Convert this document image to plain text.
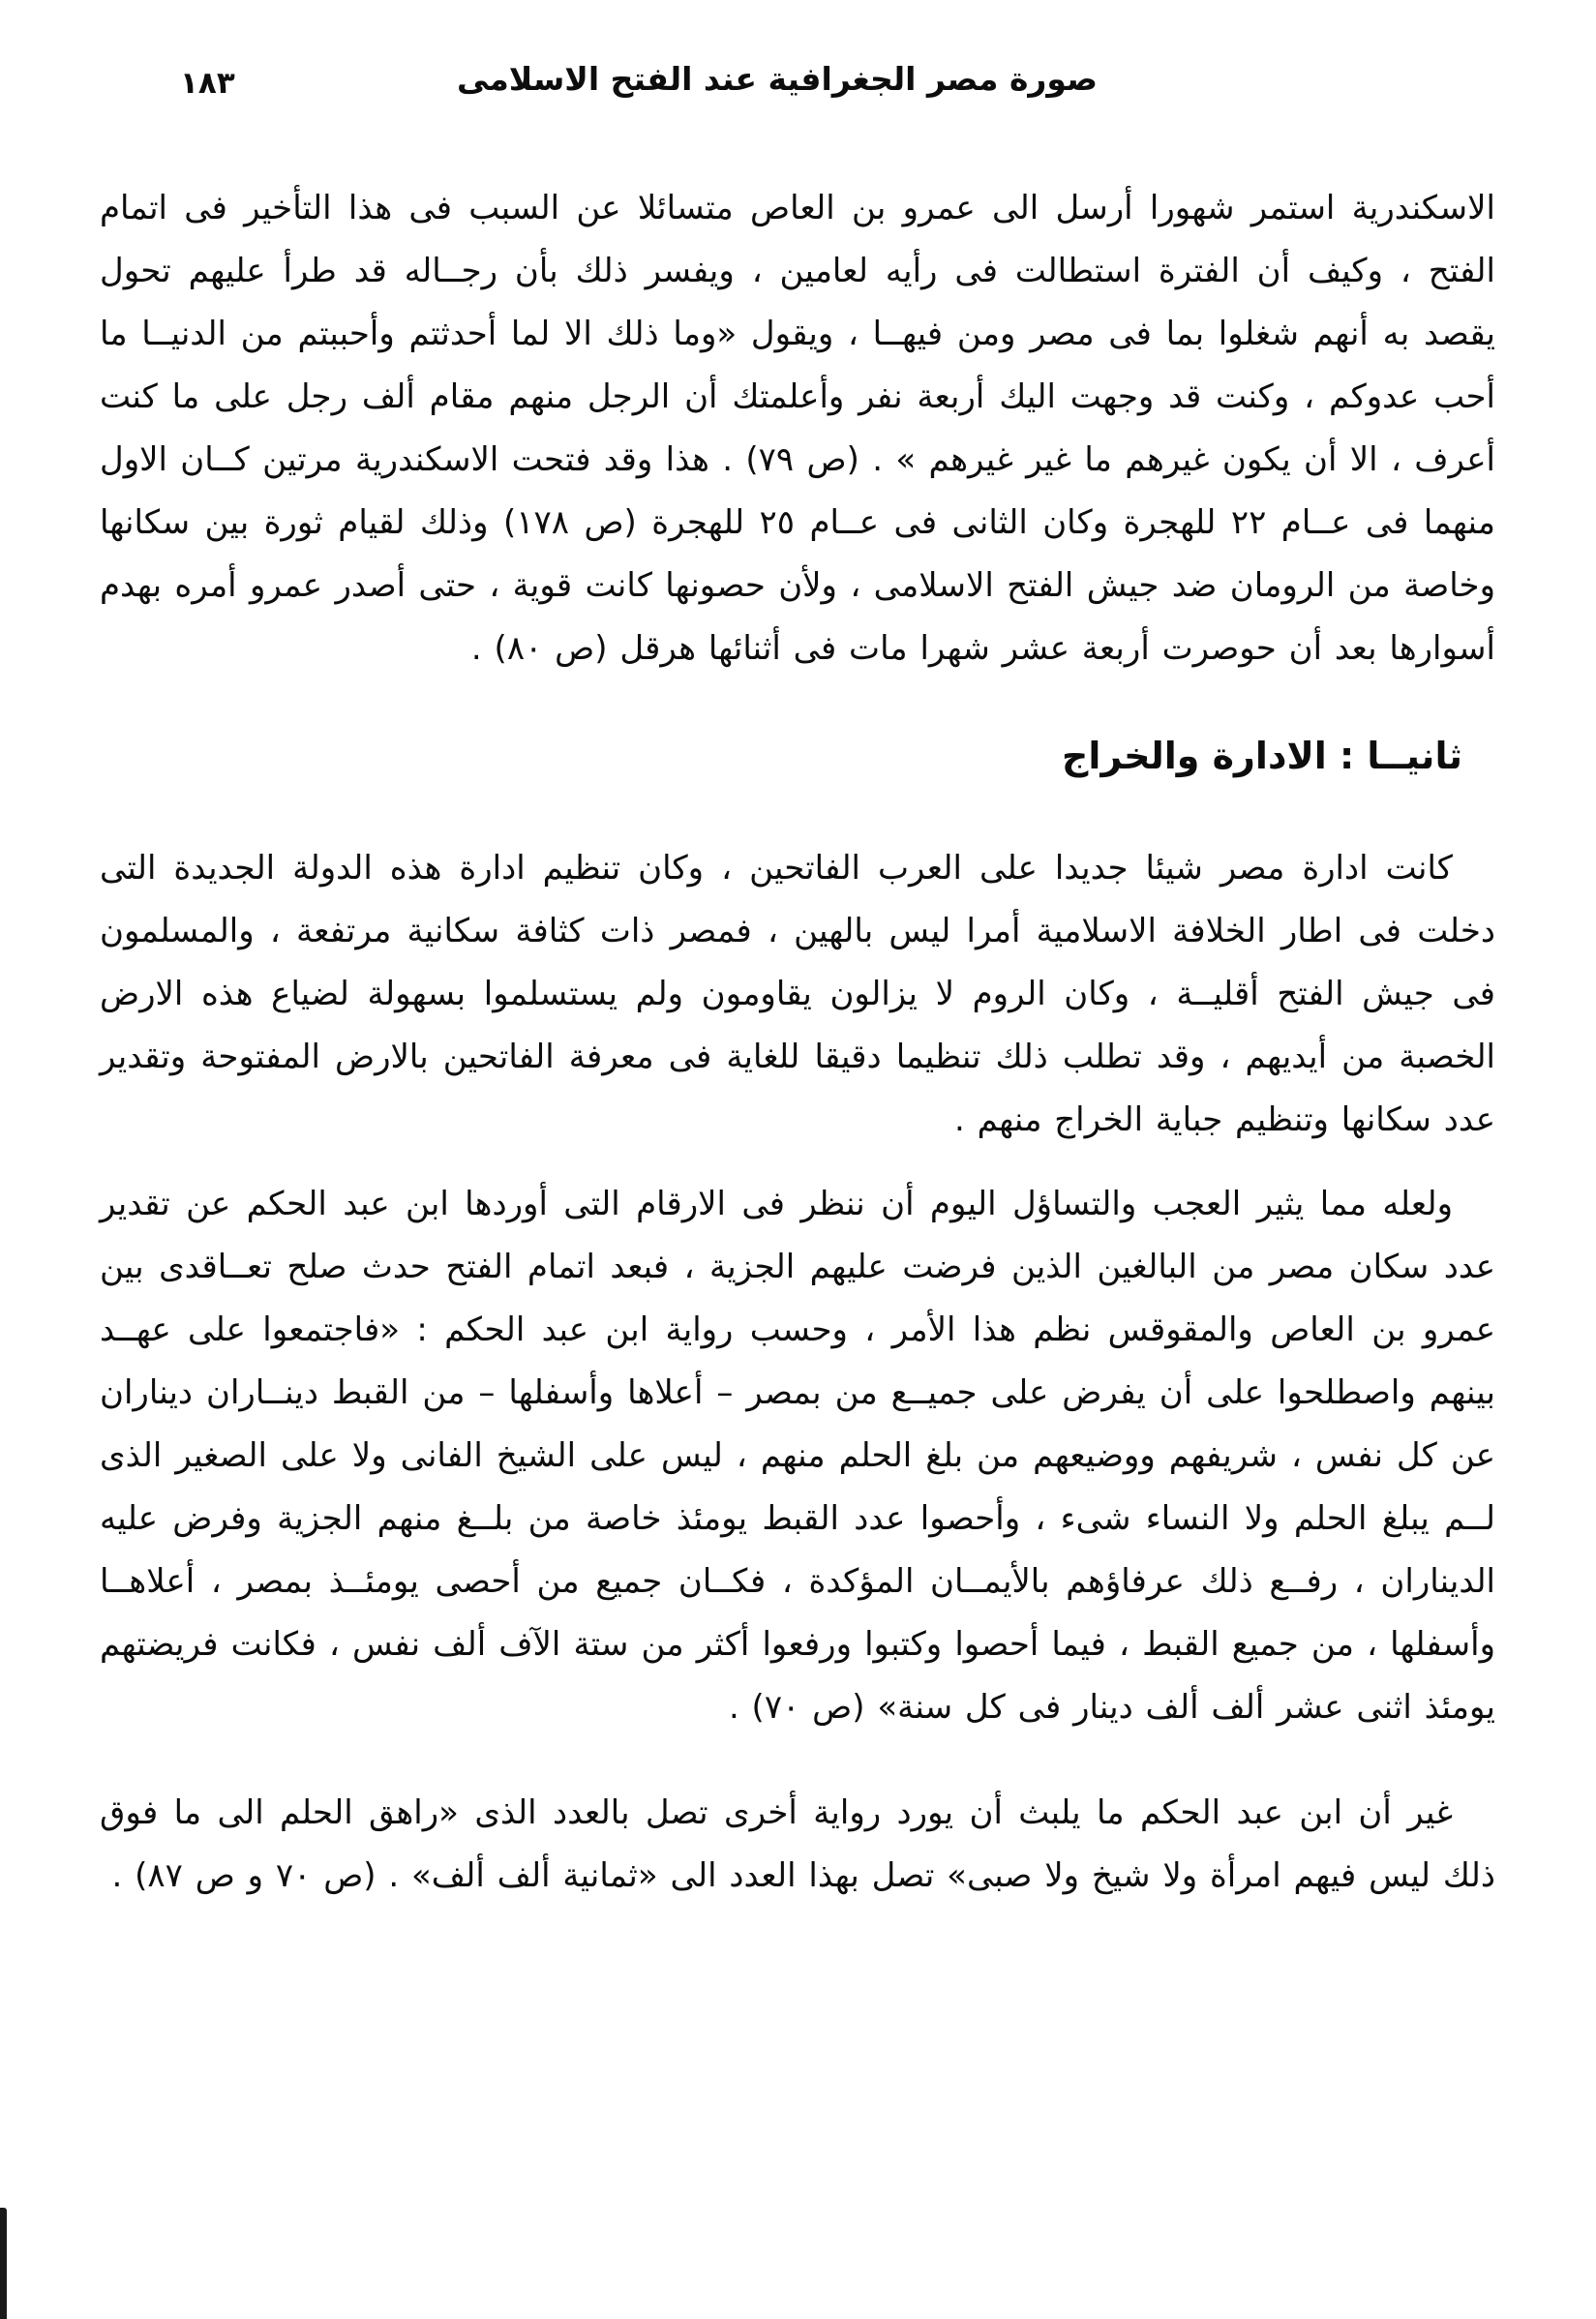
صورة مصر الجغرافية عند الفتح الاسلامى
١٨٣

الاسكندرية استمر شهورا أرسل الى عمرو بن العاص متسائلا عن السبب فى هذا التأخير فى اتمام الفتح ، وكيف أن الفترة استطالت فى رأيه لعامين ، ويفسر ذلك بأن رجــاله قد طرأ عليهم تحول يقصد به أنهم شغلوا بما فى مصر ومن فيهــا ، ويقول «وما ذلك الا لما أحدثتم وأحببتم من الدنيــا ما أحب عدوكم ، وكنت قد وجهت اليك أربعة نفر وأعلمتك أن الرجل منهم مقام ألف رجل على ما كنت أعرف ، الا أن يكون غيرهم ما غير غيرهم » . (ص ٧٩) . هذا وقد فتحت الاسكندرية مرتين كــان الاول منهما فى عــام ٢٢ للهجرة وكان الثانى فى عــام ٢٥ للهجرة (ص ١٧٨) وذلك لقيام ثورة بين سكانها وخاصة من الرومان ضد جيش الفتح الاسلامى ، ولأن حصونها كانت قوية ، حتى أصدر عمرو أمره بهدم أسوارها بعد أن حوصرت أربعة عشر شهرا مات فى أثنائها هرقل (ص ٨٠) .

ثانيــا : الادارة والخراج

كانت ادارة مصر شيئا جديدا على العرب الفاتحين ، وكان تنظيم ادارة هذه الدولة الجديدة التى دخلت فى اطار الخلافة الاسلامية أمرا ليس بالهين ، فمصر ذات كثافة سكانية مرتفعة ، والمسلمون فى جيش الفتح أقليــة ، وكان الروم لا يزالون يقاومون ولم يستسلموا بسهولة لضياع هذه الارض الخصبة من أيديهم ، وقد تطلب ذلك تنظيما دقيقا للغاية فى معرفة الفاتحين بالارض المفتوحة وتقدير عدد سكانها وتنظيم جباية الخراج منهم .

ولعله مما يثير العجب والتساؤل اليوم أن ننظر فى الارقام التى أوردها ابن عبد الحكم عن تقدير عدد سكان مصر من البالغين الذين فرضت عليهم الجزية ، فبعد اتمام الفتح حدث صلح تعــاقدى بين عمرو بن العاص والمقوقس نظم هذا الأمر ، وحسب رواية ابن عبد الحكم : «فاجتمعوا على عهــد بينهم واصطلحوا على أن يفرض على جميــع من بمصر – أعلاها وأسفلها – من القبط دينــاران ديناران عن كل نفس ، شريفهم ووضيعهم من بلغ الحلم منهم ، ليس على الشيخ الفانى ولا على الصغير الذى لــم يبلغ الحلم ولا النساء شىء ، وأحصوا عدد القبط يومئذ خاصة من بلــغ منهم الجزية وفرض عليه الديناران ، رفــع ذلك عرفاؤهم بالأيمــان المؤكدة ، فكــان جميع من أحصى يومئــذ بمصر ، أعلاهــا وأسفلها ، من جميع القبط ، فيما أحصوا وكتبوا ورفعوا أكثر من ستة الآف ألف نفس ، فكانت فريضتهم يومئذ اثنى عشر ألف ألف دينار فى كل سنة» (ص ٧٠) .

غير أن ابن عبد الحكم ما يلبث أن يورد رواية أخرى تصل بالعدد الذى «راهق الحلم الى ما فوق ذلك ليس فيهم امرأة ولا شيخ ولا صبى» تصل بهذا العدد الى «ثمانية ألف ألف» . (ص ٧٠ و ص ٨٧) .
